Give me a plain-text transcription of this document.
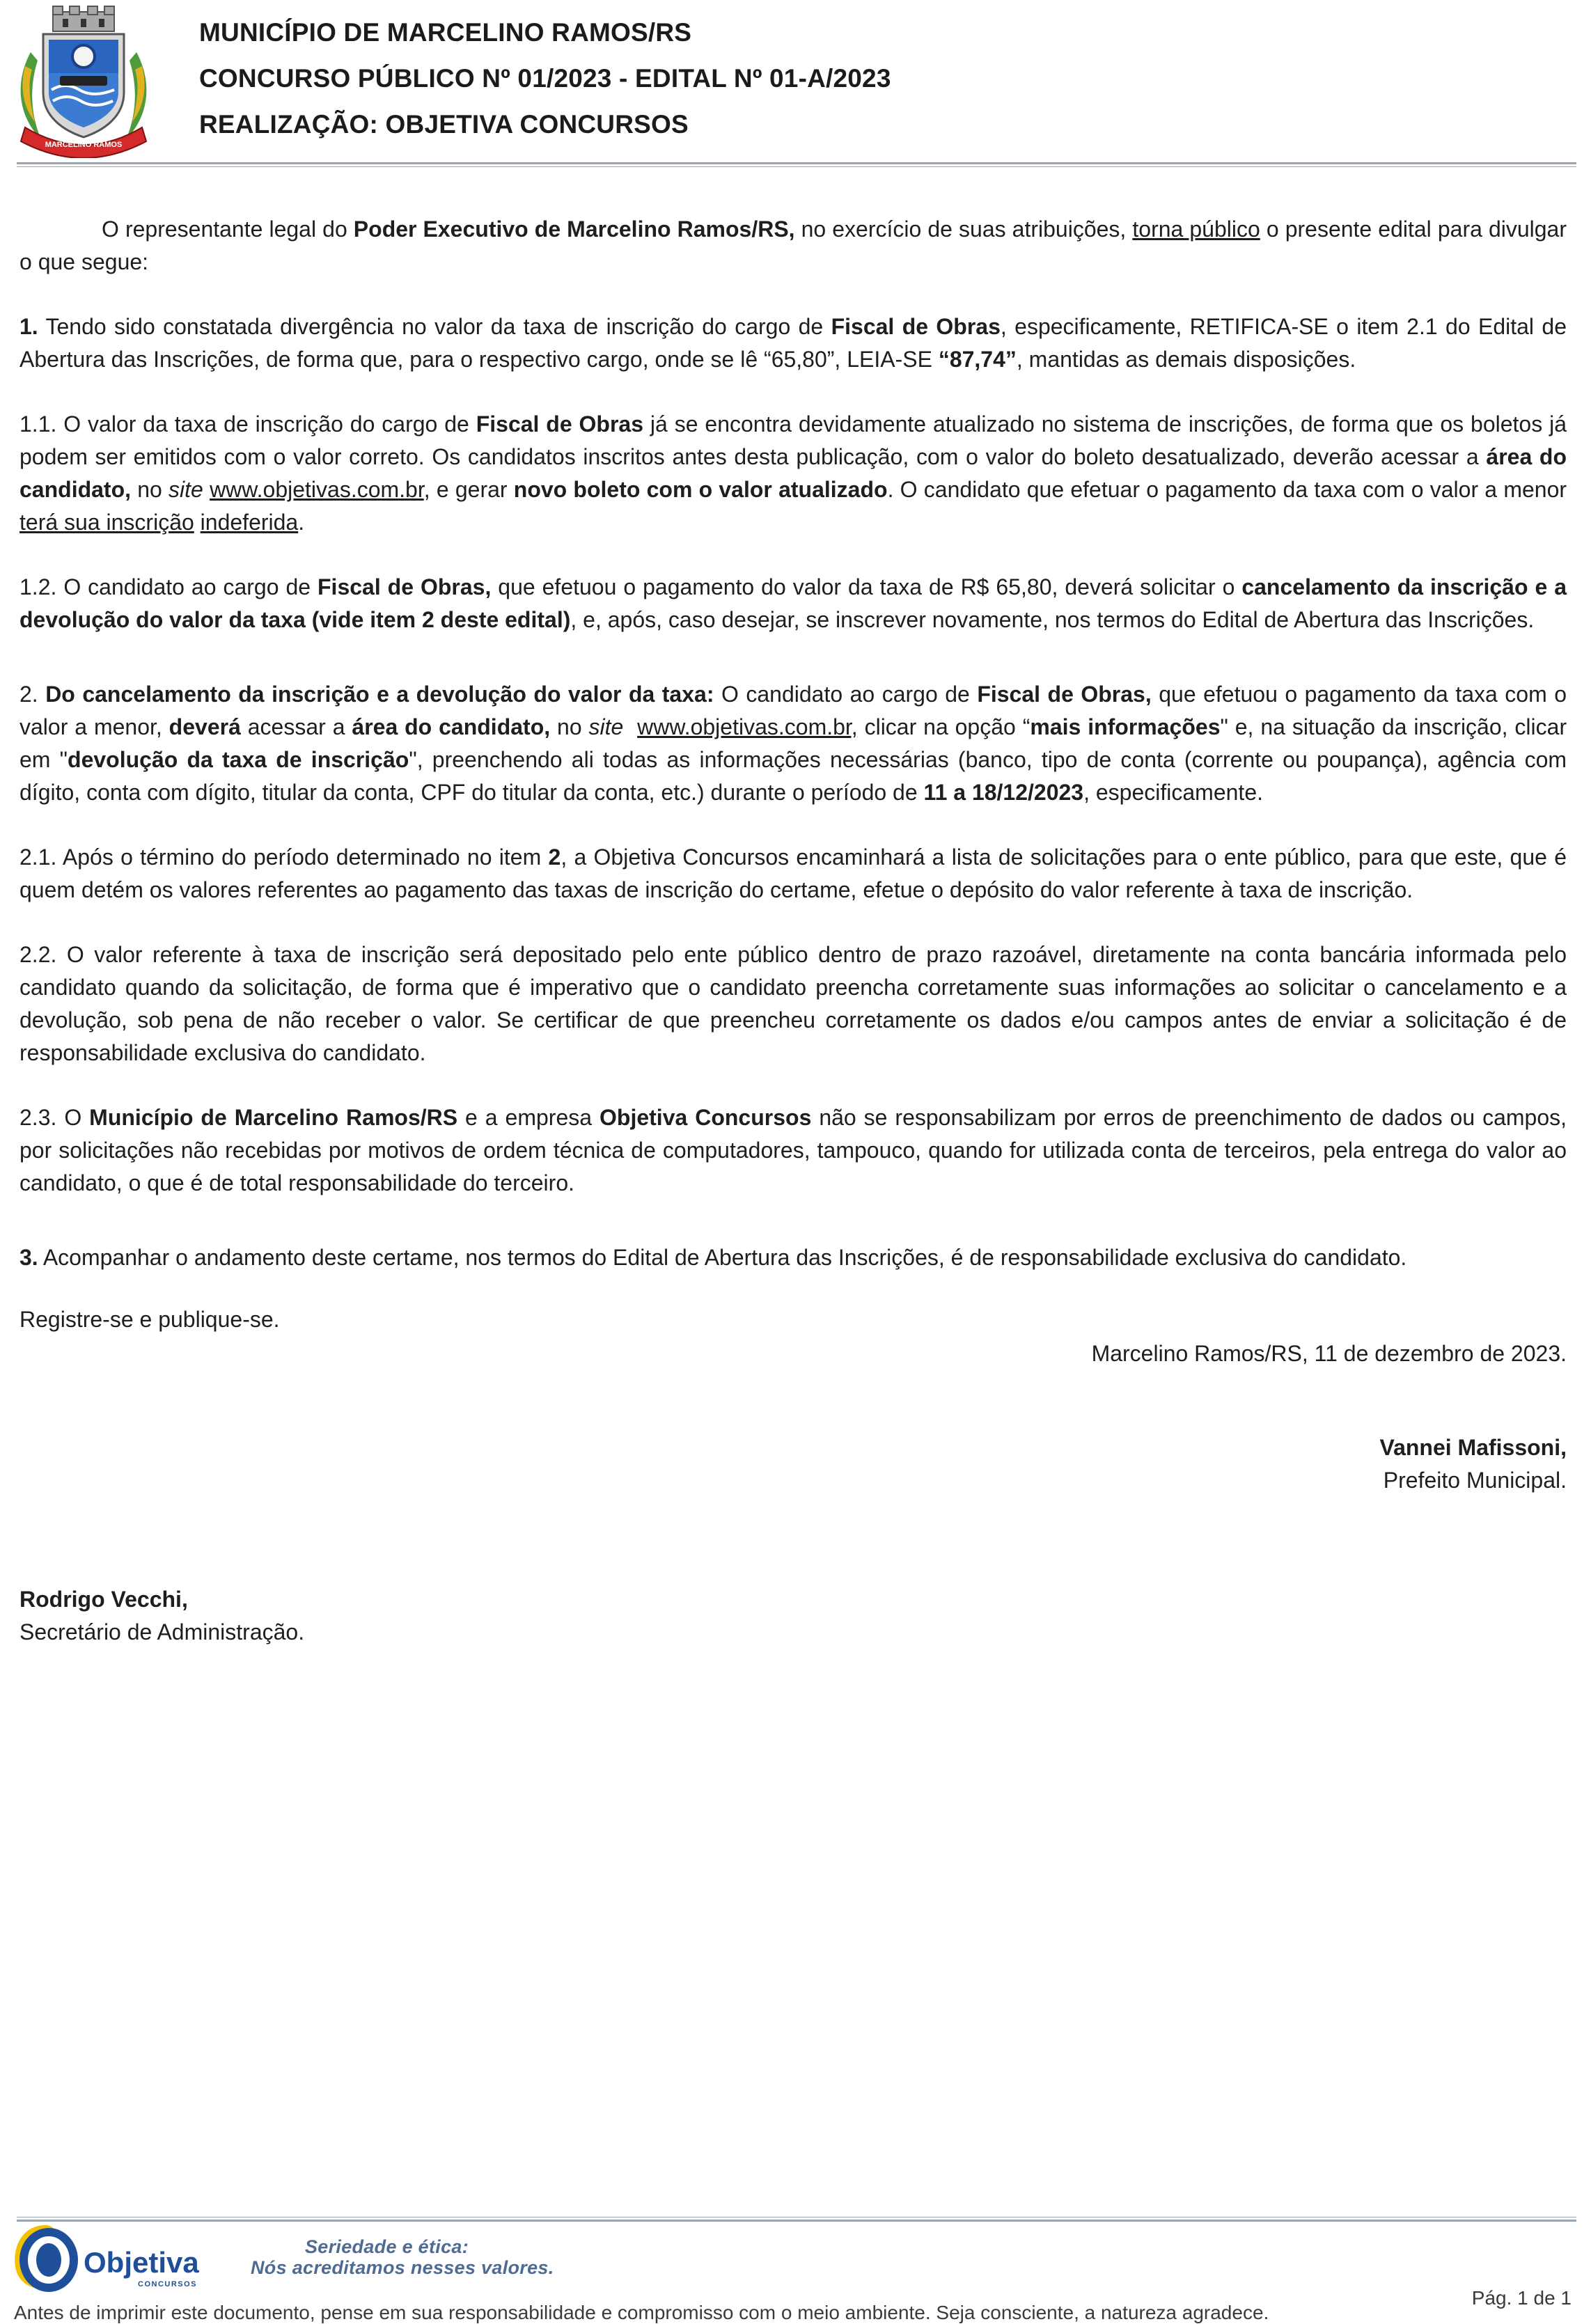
MARCELINO RAMOS
MUNICÍPIO DE MARCELINO RAMOS/RS
CONCURSO PÚBLICO Nº 01/2023 - EDITAL Nº 01-A/2023
REALIZAÇÃO: OBJETIVA CONCURSOS

O representante legal do Poder Executivo de Marcelino Ramos/RS, no exercício de suas atribuições, torna público o presente edital para divulgar o que segue:

1. Tendo sido constatada divergência no valor da taxa de inscrição do cargo de Fiscal de Obras, especificamente, RETIFICA-SE o item 2.1 do Edital de Abertura das Inscrições, de forma que, para o respectivo cargo, onde se lê “65,80”, LEIA-SE “87,74”, mantidas as demais disposições.

1.1. O valor da taxa de inscrição do cargo de Fiscal de Obras já se encontra devidamente atualizado no sistema de inscrições, de forma que os boletos já podem ser emitidos com o valor correto. Os candidatos inscritos antes desta publicação, com o valor do boleto desatualizado, deverão acessar a área do candidato, no site www.objetivas.com.br, e gerar novo boleto com o valor atualizado. O candidato que efetuar o pagamento da taxa com o valor a menor terá sua inscrição indeferida.

1.2. O candidato ao cargo de Fiscal de Obras, que efetuou o pagamento do valor da taxa de R$ 65,80, deverá solicitar o cancelamento da inscrição e a devolução do valor da taxa (vide item 2 deste edital), e, após, caso desejar, se inscrever novamente, nos termos do Edital de Abertura das Inscrições.

2. Do cancelamento da inscrição e a devolução do valor da taxa: O candidato ao cargo de Fiscal de Obras, que efetuou o pagamento da taxa com o valor a menor, deverá acessar a área do candidato, no site www.objetivas.com.br, clicar na opção “mais informações" e, na situação da inscrição, clicar em "devolução da taxa de inscrição", preenchendo ali todas as informações necessárias (banco, tipo de conta (corrente ou poupança), agência com dígito, conta com dígito, titular da conta, CPF do titular da conta, etc.) durante o período de 11 a 18/12/2023, especificamente.

2.1. Após o término do período determinado no item 2, a Objetiva Concursos encaminhará a lista de solicitações para o ente público, para que este, que é quem detém os valores referentes ao pagamento das taxas de inscrição do certame, efetue o depósito do valor referente à taxa de inscrição.

2.2. O valor referente à taxa de inscrição será depositado pelo ente público dentro de prazo razoável, diretamente na conta bancária informada pelo candidato quando da solicitação, de forma que é imperativo que o candidato preencha corretamente suas informações ao solicitar o cancelamento e a devolução, sob pena de não receber o valor. Se certificar de que preencheu corretamente os dados e/ou campos antes de enviar a solicitação é de responsabilidade exclusiva do candidato.

2.3. O Município de Marcelino Ramos/RS e a empresa Objetiva Concursos não se responsabilizam por erros de preenchimento de dados ou campos, por solicitações não recebidas por motivos de ordem técnica de computadores, tampouco, quando for utilizada conta de terceiros, pela entrega do valor ao candidato, o que é de total responsabilidade do terceiro.

3. Acompanhar o andamento deste certame, nos termos do Edital de Abertura das Inscrições, é de responsabilidade exclusiva do candidato.

Registre-se e publique-se.

Marcelino Ramos/RS, 11 de dezembro de 2023.
Vannei Mafissoni,
Prefeito Municipal.
Rodrigo Vecchi,
Secretário de Administração.
Objetiva
CONCURSOS
Seriedade e ética:
Nós acreditamos nesses valores.
Antes de imprimir este documento, pense em sua responsabilidade e compromisso com o meio ambiente. Seja consciente, a natureza agradece.
Pág. 1 de 1
